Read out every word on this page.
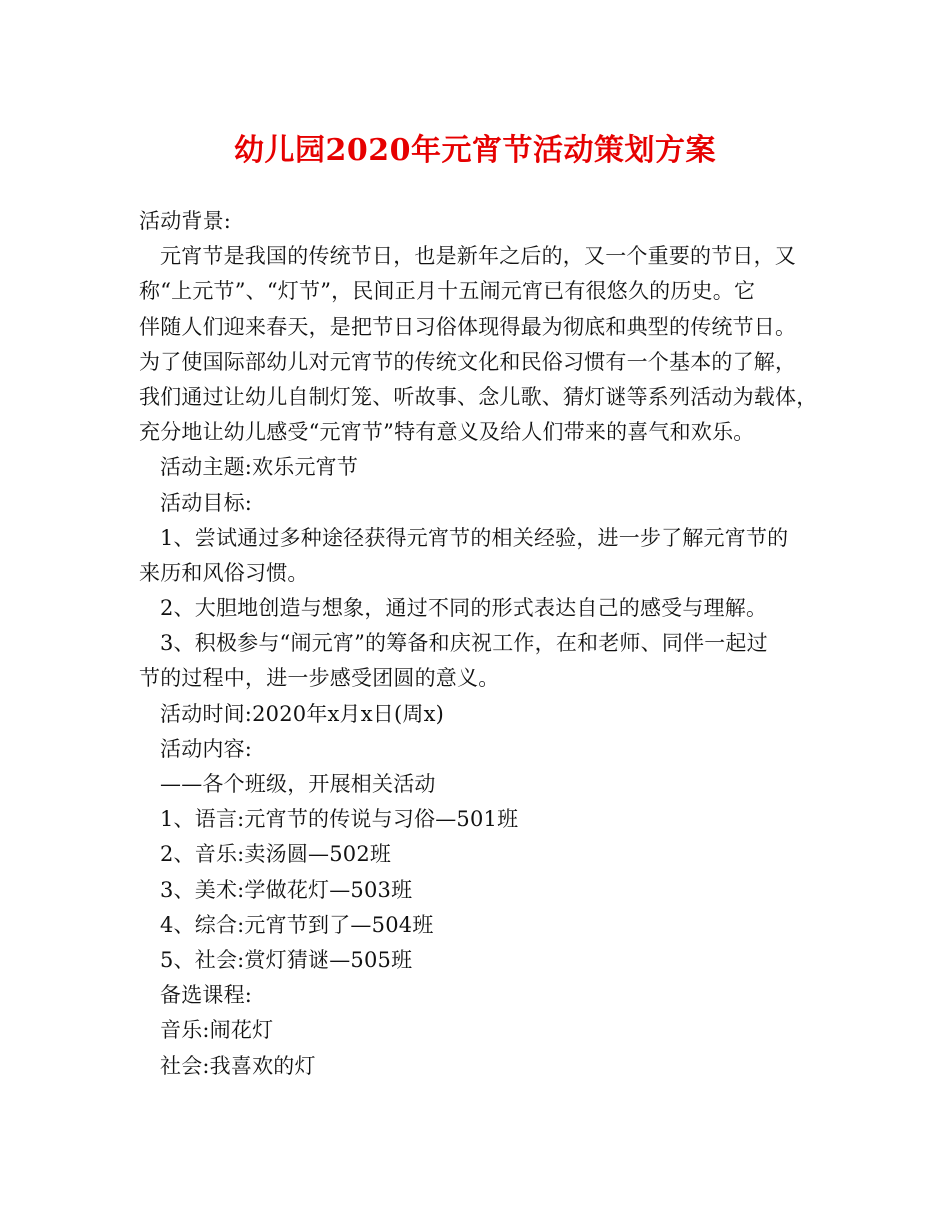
幼儿园2020年元宵节活动策划方案
活动背景:
元宵节是我国的传统节日，也是新年之后的，又一个重要的节日，又
称“上元节”、“灯节”，民间正月十五闹元宵已有很悠久的历史。它
伴随人们迎来春天，是把节日习俗体现得最为彻底和典型的传统节日。
为了使国际部幼儿对元宵节的传统文化和民俗习惯有一个基本的了解，
我们通过让幼儿自制灯笼、听故事、念儿歌、猜灯谜等系列活动为载体，
充分地让幼儿感受“元宵节”特有意义及给人们带来的喜气和欢乐。
活动主题:欢乐元宵节
活动目标:
1、尝试通过多种途径获得元宵节的相关经验，进一步了解元宵节的
来历和风俗习惯。
2、大胆地创造与想象，通过不同的形式表达自己的感受与理解。
3、积极参与“闹元宵”的筹备和庆祝工作，在和老师、同伴一起过
节的过程中，进一步感受团圆的意义。
活动时间:2020年x月x日(周x)
活动内容:
——各个班级，开展相关活动
1、语言:元宵节的传说与习俗—501班
2、音乐:卖汤圆—502班
3、美术:学做花灯—503班
4、综合:元宵节到了—504班
5、社会:赏灯猜谜—505班
备选课程:
音乐:闹花灯
社会:我喜欢的灯
